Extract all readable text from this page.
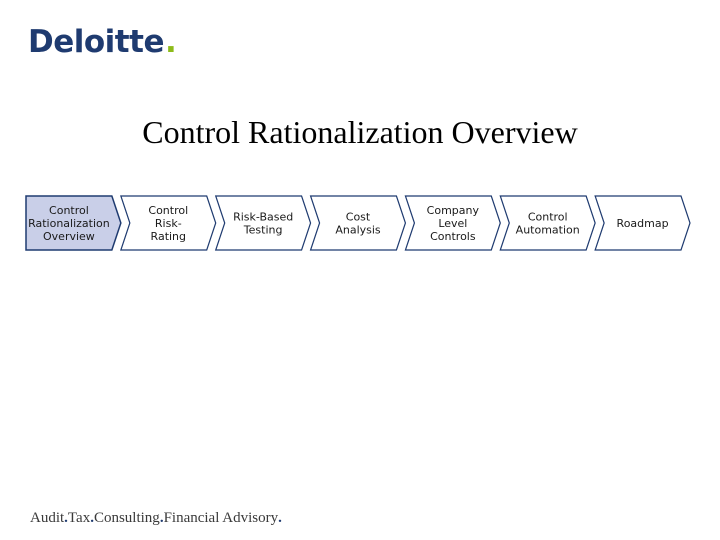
Deloitte.
Control Rationalization Overview
Control
Rationalization
Overview
Control
Risk-
Rating
Risk-Based
Testing
Cost
Analysis
Company
Level
Controls
Control
Automation	Roadmap
Audit.Tax.Consulting.Financial Advisory.
